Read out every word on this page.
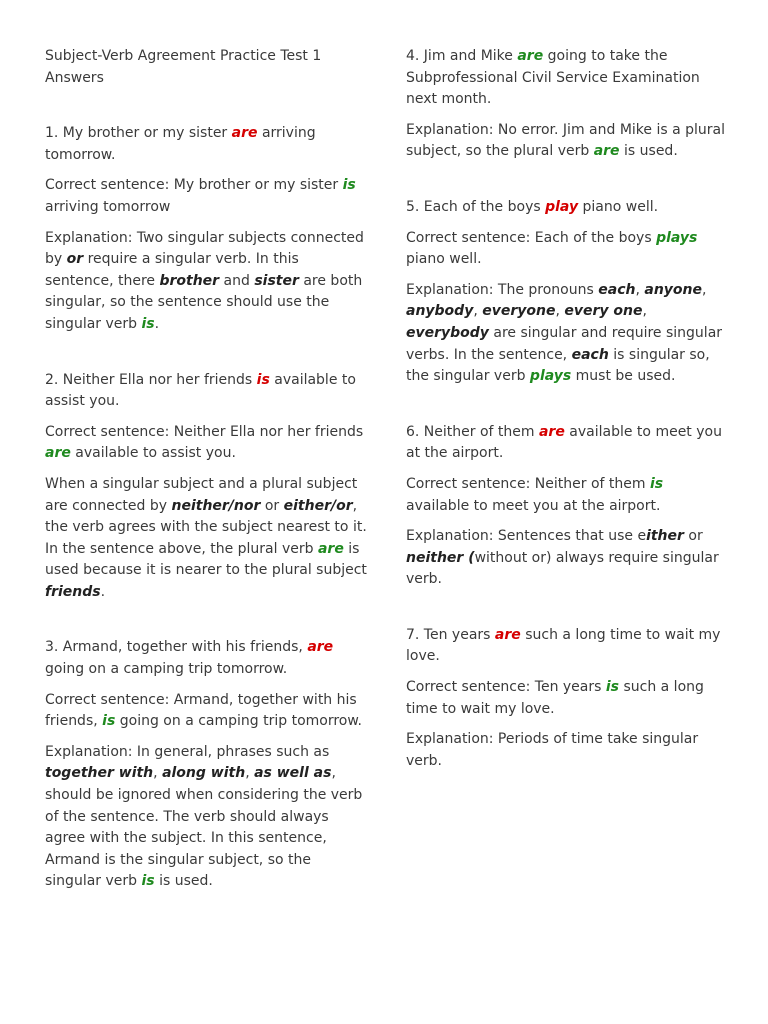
Subject-Verb Agreement Practice Test 1 Answers

1. My brother or my sister are arriving tomorrow.

Correct sentence: My brother or my sister is arriving tomorrow

Explanation: Two singular subjects connected by or require a singular verb. In this sentence, there brother and sister are both singular, so the sentence should use the singular verb is.

2. Neither Ella nor her friends is available to assist you.

Correct sentence: Neither Ella nor her friends are available to assist you.

When a singular subject and a plural subject are connected by neither/nor or either/or, the verb agrees with the subject nearest to it. In the sentence above, the plural verb are is used because it is nearer to the plural subject friends.

3. Armand, together with his friends, are going on a camping trip tomorrow.

Correct sentence: Armand, together with his friends, is going on a camping trip tomorrow.

Explanation: In general, phrases such as together with, along with, as well as, should be ignored when considering the verb of the sentence. The verb should always agree with the subject. In this sentence, Armand is the singular subject, so the singular verb is is used.

4. Jim and Mike are going to take the Subprofessional Civil Service Examination next month.

Explanation: No error. Jim and Mike is a plural subject, so the plural verb are is used.

5. Each of the boys play piano well.

Correct sentence: Each of the boys plays piano well.

Explanation: The pronouns each, anyone, anybody, everyone, every one, everybody are singular and require singular verbs. In the sentence, each is singular so, the singular verb plays must be used.

6. Neither of them are available to meet you at the airport.

Correct sentence: Neither of them is available to meet you at the airport.

Explanation: Sentences that use either or neither (without or) always require singular verb.

7. Ten years are such a long time to wait my love.

Correct sentence: Ten years is such a long time to wait my love.

Explanation: Periods of time take singular verb.
